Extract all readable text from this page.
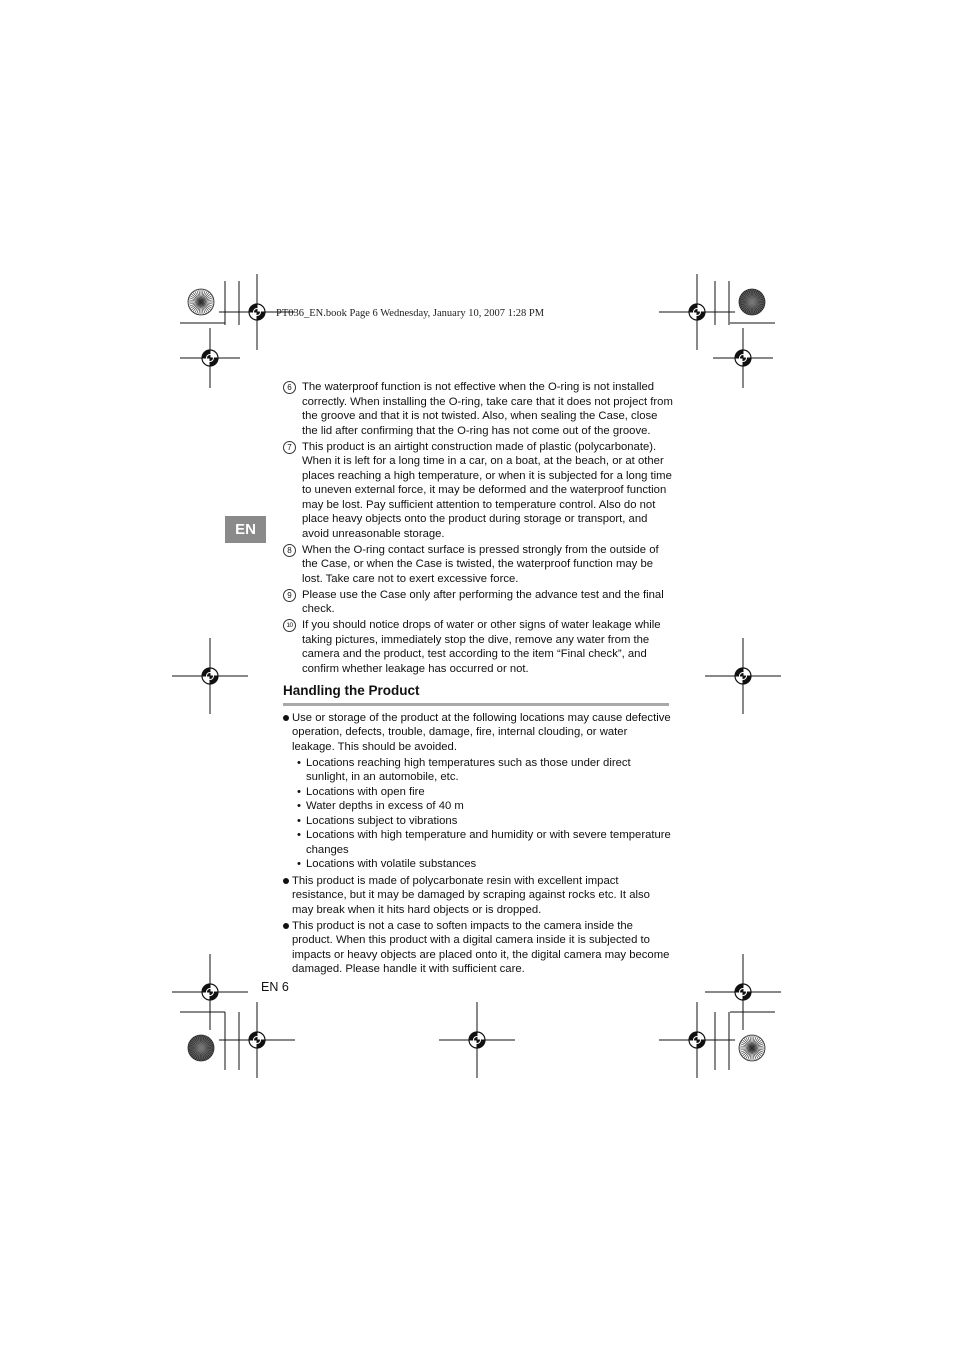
PT036_EN.book Page 6 Wednesday, January 10, 2007 1:28 PM
EN
6 The waterproof function is not effective when the O-ring is not installed correctly. When installing the O-ring, take care that it does not project from the groove and that it is not twisted. Also, when sealing the Case, close the lid after confirming that the O-ring has not come out of the groove.
7 This product is an airtight construction made of plastic (polycarbonate). When it is left for a long time in a car, on a boat, at the beach, or at other places reaching a high temperature, or when it is subjected for a long time to uneven external force, it may be deformed and the waterproof function may be lost. Pay sufficient attention to temperature control. Also do not place heavy objects onto the product during storage or transport, and avoid unreasonable storage.
8 When the O-ring contact surface is pressed strongly from the outside of the Case, or when the Case is twisted, the waterproof function may be lost. Take care not to exert excessive force.
9 Please use the Case only after performing the advance test and the final check.
10 If you should notice drops of water or other signs of water leakage while taking pictures, immediately stop the dive, remove any water from the camera and the product, test according to the item “Final check”, and confirm whether leakage has occurred or not.
Handling the Product
Use or storage of the product at the following locations may cause defective operation, defects, trouble, damage, fire, internal clouding, or water leakage. This should be avoided.
• Locations reaching high temperatures such as those under direct sunlight, in an automobile, etc.
• Locations with open fire
• Water depths in excess of 40 m
• Locations subject to vibrations
• Locations with high temperature and humidity or with severe temperature changes
• Locations with volatile substances
This product is made of polycarbonate resin with excellent impact resistance, but it may be damaged by scraping against rocks etc. It also may break when it hits hard objects or is dropped.
This product is not a case to soften impacts to the camera inside the product. When this product with a digital camera inside it is subjected to impacts or heavy objects are placed onto it, the digital camera may become damaged. Please handle it with sufficient care.
EN 6
